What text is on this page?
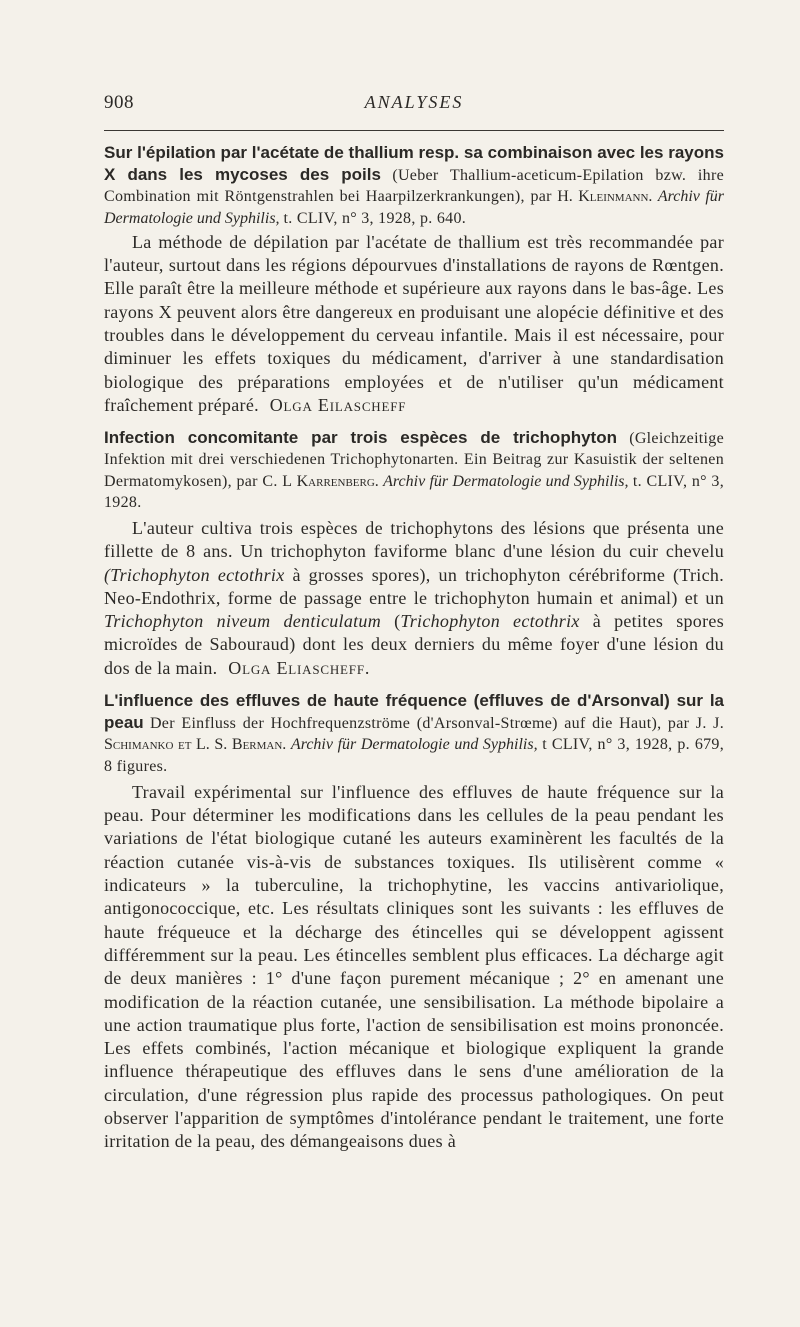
908	ANALYSES

Sur l'épilation par l'acétate de thallium resp. sa combinaison avec les rayons X dans les mycoses des poils (Ueber Thallium-aceticum-Epilation bzw. ihre Combination mit Röntgenstrahlen bei Haarpilzerkrankungen), par H. Kleinmann. Archiv für Dermatologie und Syphilis, t. CLIV, n° 3, 1928, p. 640.

La méthode de dépilation par l'acétate de thallium est très recommandée par l'auteur, surtout dans les régions dépourvues d'installations de rayons de Rœntgen. Elle paraît être la meilleure méthode et supérieure aux rayons dans le bas-âge. Les rayons X peuvent alors être dangereux en produisant une alopécie définitive et des troubles dans le développement du cerveau infantile. Mais il est nécessaire, pour diminuer les effets toxiques du médicament, d'arriver à une standardisation biologique des préparations employées et de n'utiliser qu'un médicament fraîchement préparé. Olga Eilascheff

Infection concomitante par trois espèces de trichophyton (Gleichzeitige Infektion mit drei verschiedenen Trichophytonarten. Ein Beitrag zur Kasuistik der seltenen Dermatomykosen), par C. L Karrenberg. Archiv für Dermatologie und Syphilis, t. CLIV, n° 3, 1928.

L'auteur cultiva trois espèces de trichophytons des lésions que présenta une fillette de 8 ans. Un trichophyton faviforme blanc d'une lésion du cuir chevelu (Trichophyton ectothrix à grosses spores), un trichophyton cérébriforme (Trich. Neo-Endothrix, forme de passage entre le trichophyton humain et animal) et un Trichophyton niveum denticulatum (Trichophyton ectothrix à petites spores microïdes de Sabouraud) dont les deux derniers du même foyer d'une lésion du dos de la main. Olga Eliascheff.

L'influence des effluves de haute fréquence (effluves de d'Arsonval) sur la peau Der Einfluss der Hochfrequenzströme (d'Arsonval-Strœme) auf die Haut), par J. J. Schimanko et L. S. Berman. Archiv für Dermatologie und Syphilis, t CLIV, n° 3, 1928, p. 679, 8 figures.

Travail expérimental sur l'influence des effluves de haute fréquence sur la peau. Pour déterminer les modifications dans les cellules de la peau pendant les variations de l'état biologique cutané les auteurs examinèrent les facultés de la réaction cutanée vis-à-vis de substances toxiques. Ils utilisèrent comme « indicateurs » la tuberculine, la trichophytine, les vaccins antivariolique, antigonococcique, etc. Les résultats cliniques sont les suivants : les effluves de haute fréqueuce et la décharge des étincelles qui se développent agissent différemment sur la peau. Les étincelles semblent plus efficaces. La décharge agit de deux manières : 1° d'une façon purement mécanique ; 2° en amenant une modification de la réaction cutanée, une sensibilisation. La méthode bipolaire a une action traumatique plus forte, l'action de sensibilisation est moins prononcée. Les effets combinés, l'action mécanique et biologique expliquent la grande influence thérapeutique des effluves dans le sens d'une amélioration de la circulation, d'une régression plus rapide des processus pathologiques. On peut observer l'apparition de symptômes d'intolérance pendant le traitement, une forte irritation de la peau, des démangeaisons dues à
